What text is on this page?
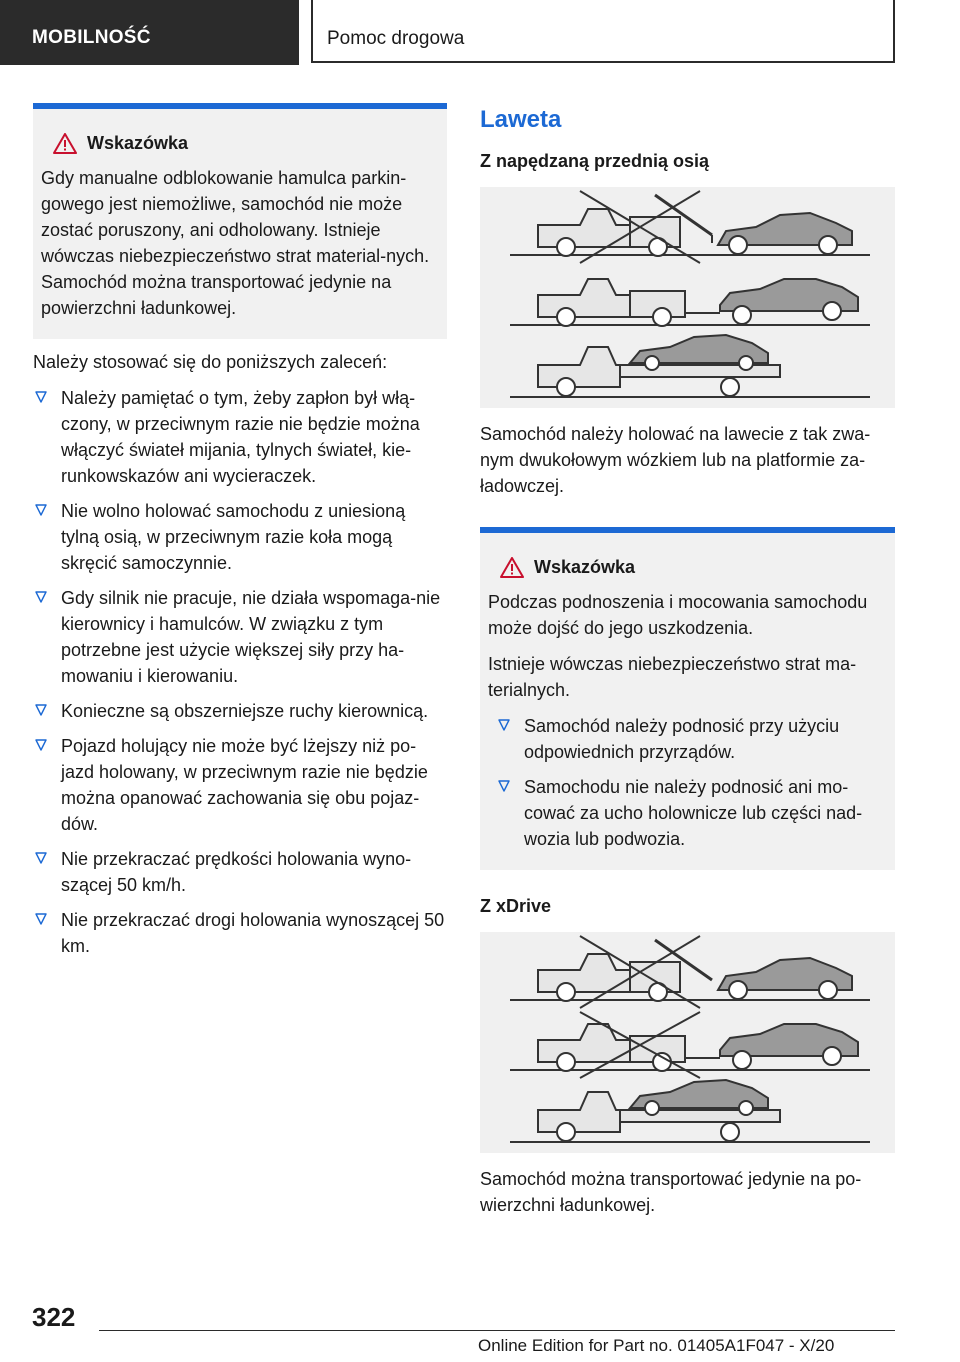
MOBILNOŚĆ	Pomoc drogowa
Wskazówka

Gdy manualne odblokowanie hamulca parkin-gowego jest niemożliwe, samochód nie może zostać poruszony, ani odholowany. Istnieje wówczas niebezpieczeństwo strat material-nych. Samochód można transportować jedynie na powierzchni ładunkowej.

Należy stosować się do poniższych zaleceń:
Należy pamiętać o tym, żeby zapłon był włą-czony, w przeciwnym razie nie będzie można włączyć świateł mijania, tylnych świateł, kie-runkowskazów ani wycieraczek.
Nie wolno holować samochodu z uniesioną tylną osią, w przeciwnym razie koła mogą skręcić samoczynnie.
Gdy silnik nie pracuje, nie działa wspomaga-nie kierownicy i hamulców. W związku z tym potrzebne jest użycie większej siły przy ha-mowaniu i kierowaniu.
Konieczne są obszerniejsze ruchy kierownicą.
Pojazd holujący nie może być lżejszy niż po-jazd holowany, w przeciwnym razie nie będzie można opanować zachowania się obu pojaz-dów.
Nie przekraczać prędkości holowania wyno-szącej 50 km/h.
Nie przekraczać drogi holowania wynoszącej 50 km.
Laweta
Z napędzaną przednią osią

Samochód należy holować na lawecie z tak zwa-nym dwukołowym wózkiem lub na platformie za-ładowczej.

Wskazówka

Podczas podnoszenia i mocowania samochodu może dojść do jego uszkodzenia.

Istnieje wówczas niebezpieczeństwo strat ma-terialnych.

Samochód należy podnosić przy użyciu odpowiednich przyrządów.
Samochodu nie należy podnosić ani mo-cować za ucho holownicze lub części nad-wozia lub podwozia.
Z xDrive

Samochód można transportować jedynie na po-wierzchni ładunkowej.

322
Online Edition for Part no. 01405A1F047 - X/20
